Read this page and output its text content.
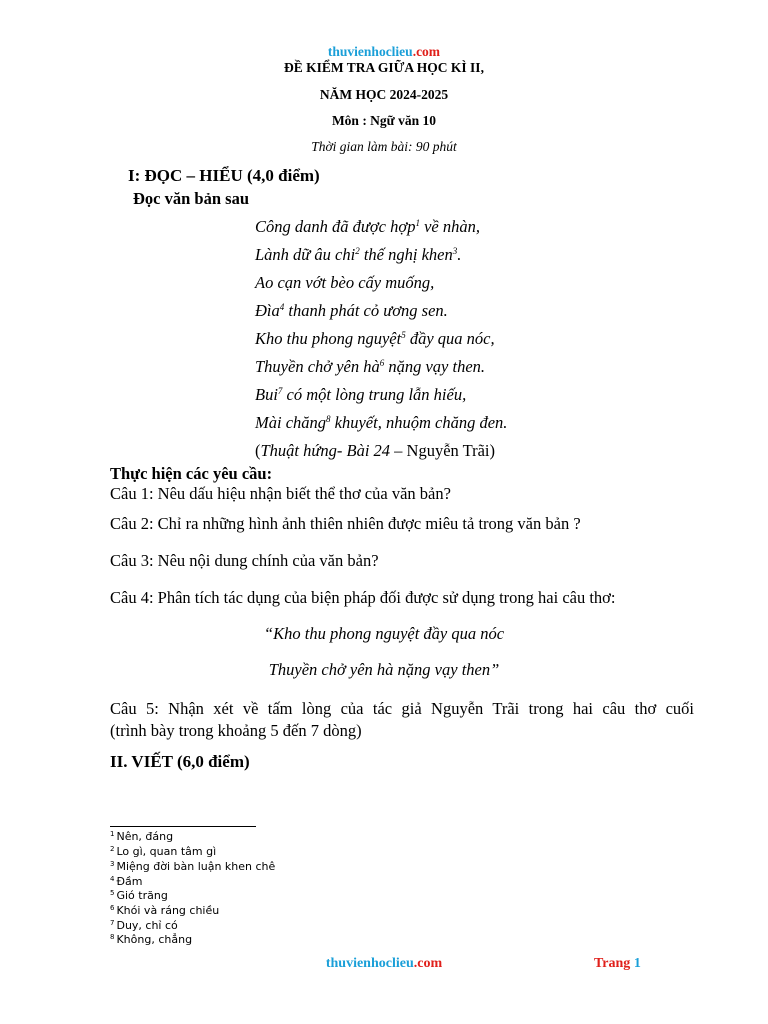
thuvienhoclieu.com
ĐỀ KIỂM TRA GIỮA HỌC KÌ II,
NĂM HỌC 2024-2025
Môn : Ngữ văn 10
Thời gian làm bài: 90 phút
I: ĐỌC – HIỂU (4,0 điểm)
Đọc văn bản sau
Công danh đã được hợp$^1$ về nhàn,
Lành dữ âu chi$^2$ thế nghị khen$^3$.
Ao cạn vớt bèo cấy muống,
Đìa$^4$ thanh phát cỏ ương sen.
Kho thu phong nguyệt$^5$ đầy qua nóc,
Thuyền chở yên $hà^6$ nặng vạy then.
Bui$^7$ có một lòng trung lẫn hiếu,
Mài chăng$^8$ khuyết, nhuộm chăng đen.
(Thuật hứng- Bài 24 – Nguyễn Trãi)
Thực hiện các yêu cầu:
Câu 1: Nêu dấu hiệu nhận biết thể thơ của văn bản?
Câu 2: Chỉ ra những hình ảnh thiên nhiên được miêu tả trong văn bản ?
Câu 3: Nêu nội dung chính của văn bản?
Câu 4: Phân tích tác dụng của biện pháp đối được sử dụng trong hai câu thơ:
“Kho thu phong nguyệt đầy qua nóc
Thuyền chở yên hà nặng vạy then”
Câu 5: Nhận xét về tấm lòng của tác giả Nguyễn Trãi trong hai câu thơ cuối
(trình bày trong khoảng 5 đến 7 dòng)
II. VIẾT (6,0 điểm)
$^1$ Nên, đáng
$^2$ Lo gì, quan tâm gì
$^3$ Miệng đời bàn luận khen chê
$^4$ Đầm
$^5$ Gió trăng
$^6$ Khói và ráng chiều
$^7$ Duy, chỉ có
$^8$ Không, chẳng
thuvienhoclieu.com	Trang 1
